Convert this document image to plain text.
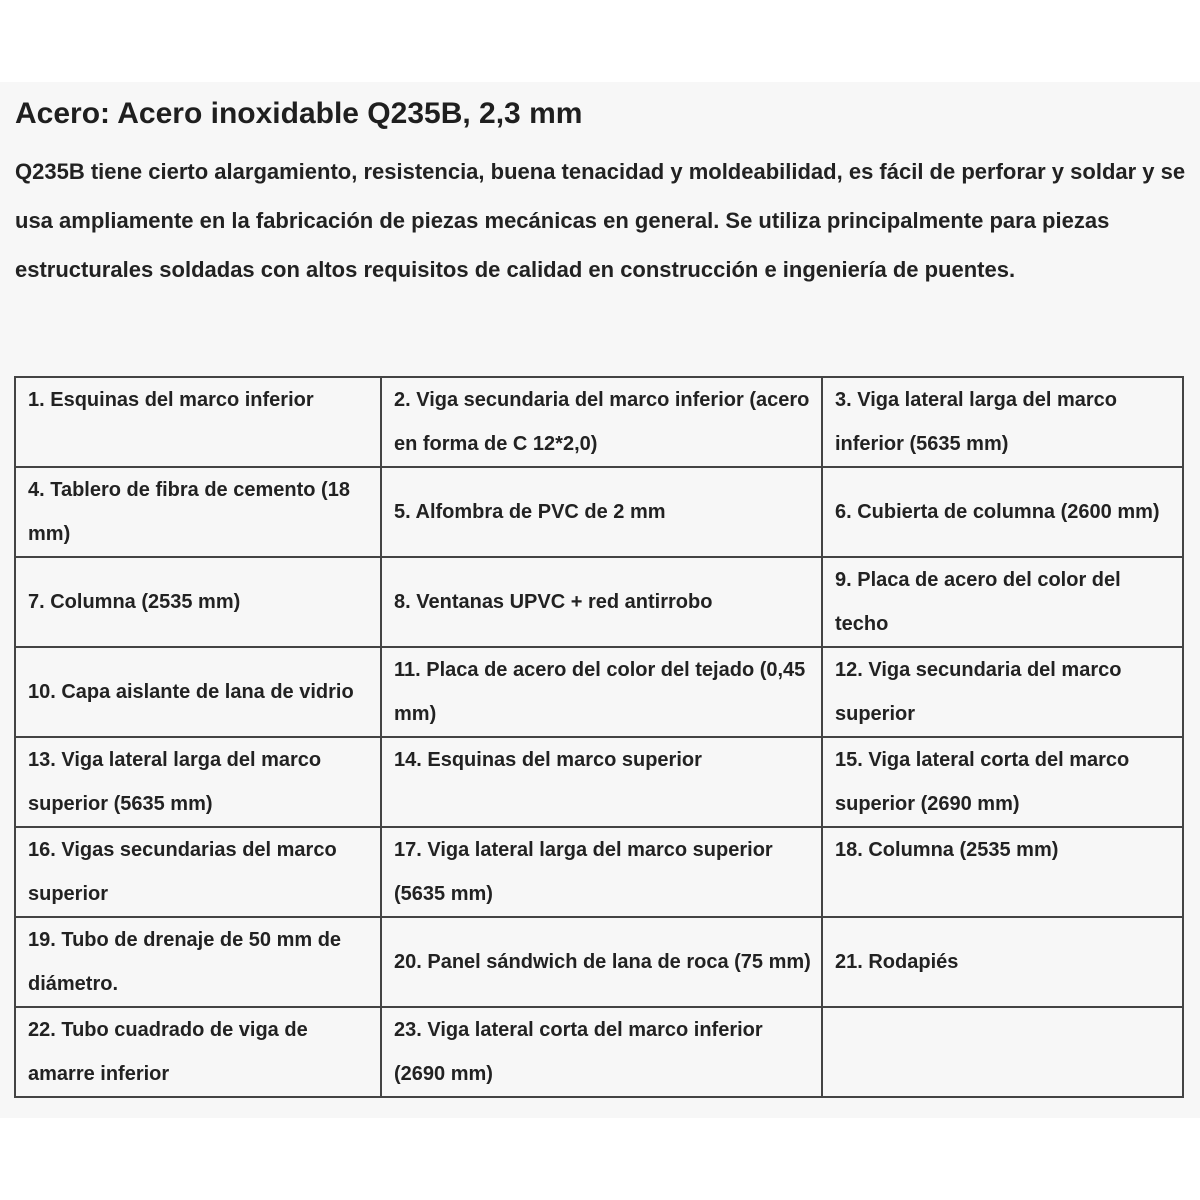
Acero: Acero inoxidable Q235B, 2,3 mm

Q235B tiene cierto alargamiento, resistencia, buena tenacidad y moldeabilidad, es fácil de perforar y soldar y se usa ampliamente en la fabricación de piezas mecánicas en general. Se utiliza principalmente para piezas estructurales soldadas con altos requisitos de calidad en construcción e ingeniería de puentes.

1. Esquinas del marco inferior	2. Viga secundaria del marco inferior (acero en forma de C 12*2,0)	3. Viga lateral larga del marco inferior (5635 mm)
4. Tablero de fibra de cemento (18 mm)	5. Alfombra de PVC de 2 mm	6. Cubierta de columna (2600 mm)
7. Columna (2535 mm)	8. Ventanas UPVC + red antirrobo	9. Placa de acero del color del techo
10. Capa aislante de lana de vidrio	11. Placa de acero del color del tejado (0,45 mm)	12. Viga secundaria del marco superior
13. Viga lateral larga del marco superior (5635 mm)	14. Esquinas del marco superior	15. Viga lateral corta del marco superior (2690 mm)
16. Vigas secundarias del marco superior	17. Viga lateral larga del marco superior (5635 mm)	18. Columna (2535 mm)
19. Tubo de drenaje de 50 mm de diámetro.	20. Panel sándwich de lana de roca (75 mm)	21. Rodapiés
22. Tubo cuadrado de viga de amarre inferior	23. Viga lateral corta del marco inferior (2690 mm)	
